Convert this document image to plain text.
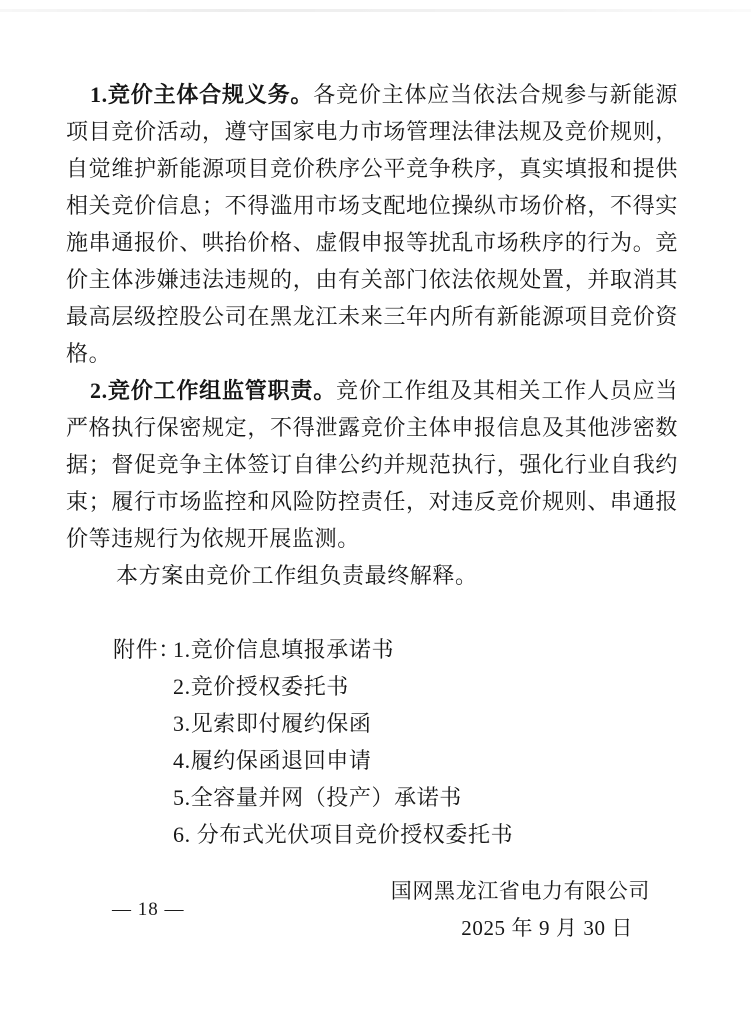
1.竞价主体合规义务。各竞价主体应当依法合规参与新能源项目竞价活动，遵守国家电力市场管理法律法规及竞价规则，自觉维护新能源项目竞价秩序公平竞争秩序，真实填报和提供相关竞价信息；不得滥用市场支配地位操纵市场价格，不得实施串通报价、哄抬价格、虚假申报等扰乱市场秩序的行为。竞价主体涉嫌违法违规的，由有关部门依法依规处置，并取消其最高层级控股公司在黑龙江未来三年内所有新能源项目竞价资格。

2.竞价工作组监管职责。竞价工作组及其相关工作人员应当严格执行保密规定，不得泄露竞价主体申报信息及其他涉密数据；督促竞争主体签订自律公约并规范执行，强化行业自我约束；履行市场监控和风险防控责任，对违反竞价规则、串通报价等违规行为依规开展监测。

本方案由竞价工作组负责最终解释。

附件：
1.竞价信息填报承诺书
2.竞价授权委托书
3.见索即付履约保函
4.履约保函退回申请
5.全容量并网（投产）承诺书
6. 分布式光伏项目竞价授权委托书
国网黑龙江省电力有限公司
2025 年 9 月 30 日
— 18 —
